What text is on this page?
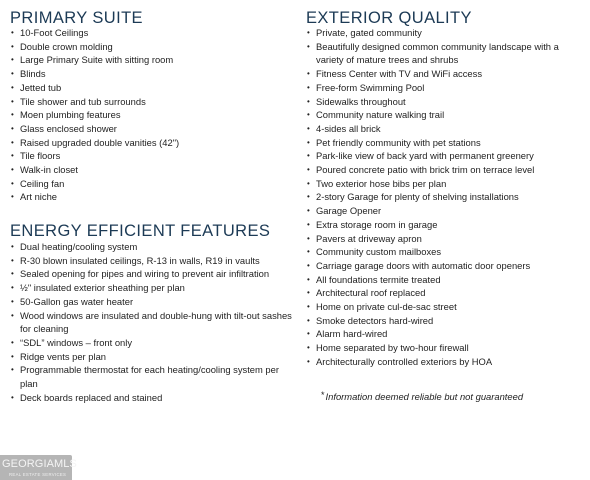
PRIMARY SUITE
• 10-Foot Ceilings
• Double crown molding
• Large Primary Suite with sitting room
• Blinds
• Jetted tub
• Tile shower and tub surrounds
• Moen plumbing features
• Glass enclosed shower
• Raised upgraded double vanities (42")
• Tile floors
• Walk-in closet
• Ceiling fan
• Art niche
ENERGY EFFICIENT FEATURES
• Dual heating/cooling system
• R-30 blown insulated ceilings, R-13 in walls, R19 in vaults
• Sealed opening for pipes and wiring to prevent air infiltration
• ½" insulated exterior sheathing per plan
• 50-Gallon gas water heater
• Wood windows are insulated and double-hung with tilt-out sashes for cleaning
• “SDL” windows – front only
• Ridge vents per plan
• Programmable thermostat for each heating/cooling system per plan
• Deck boards replaced and stained
EXTERIOR QUALITY
• Private, gated community
• Beautifully designed common community landscape with a variety of mature trees and shrubs
• Fitness Center with TV and WiFi access
• Free-form Swimming Pool
• Sidewalks throughout
• Community nature walking trail
• 4-sides all brick
• Pet friendly community with pet stations
• Park-like view of back yard with permanent greenery
• Poured concrete patio with brick trim on terrace level
• Two exterior hose bibs per plan
• 2-story Garage for plenty of shelving installations
• Garage Opener
• Extra storage room in garage
• Pavers at driveway apron
• Community custom mailboxes
• Carriage garage doors with automatic door openers
• All foundations termite treated
• Architectural roof replaced
• Home on private cul-de-sac street
• Smoke detectors hard-wired
• Alarm hard-wired
• Home separated by two-hour firewall
• Architecturally controlled exteriors by HOA
*Information deemed reliable but not guaranteed
GEORGIAMLS
REAL ESTATE SERVICES
